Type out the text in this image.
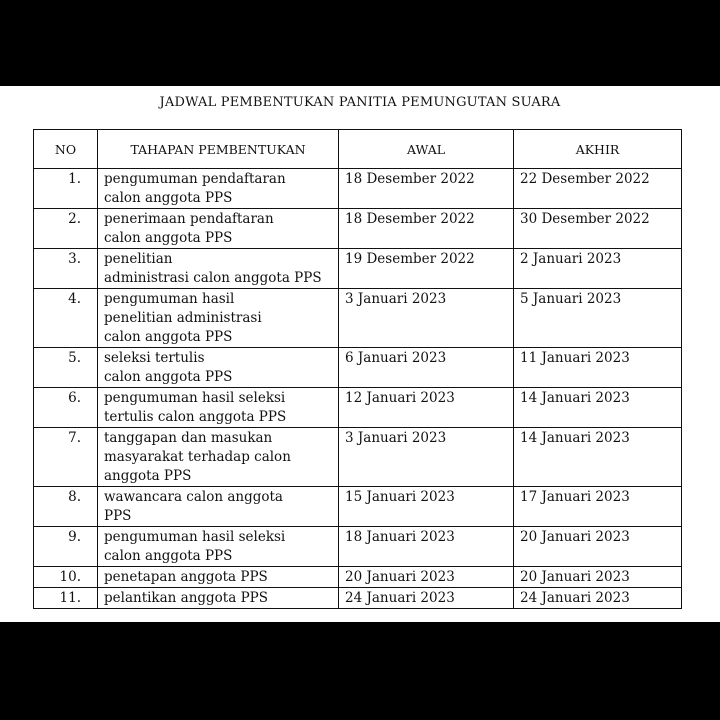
JADWAL PEMBENTUKAN PANITIA PEMUNGUTAN SUARA
NO	TAHAPAN PEMBENTUKAN	AWAL	AKHIR
1.	pengumuman pendaftaran
calon anggota PPS	18 Desember 2022	22 Desember 2022
2.	penerimaan pendaftaran
calon anggota PPS	18 Desember 2022	30 Desember 2022
3.	penelitian
administrasi calon anggota PPS	19 Desember 2022	2 Januari 2023
4.	pengumuman hasil
penelitian administrasi
calon anggota PPS	3 Januari 2023	5 Januari 2023
5.	seleksi tertulis
calon anggota PPS	6 Januari 2023	11 Januari 2023
6.	pengumuman hasil seleksi
tertulis calon anggota PPS	12 Januari 2023	14 Januari 2023
7.	tanggapan dan masukan
masyarakat terhadap calon
anggota PPS	3 Januari 2023	14 Januari 2023
8.	wawancara calon anggota
PPS	15 Januari 2023	17 Januari 2023
9.	pengumuman hasil seleksi
calon anggota PPS	18 Januari 2023	20 Januari 2023
10.	penetapan anggota PPS	20 Januari 2023	20 Januari 2023
11.	pelantikan anggota PPS	24 Januari 2023	24 Januari 2023
